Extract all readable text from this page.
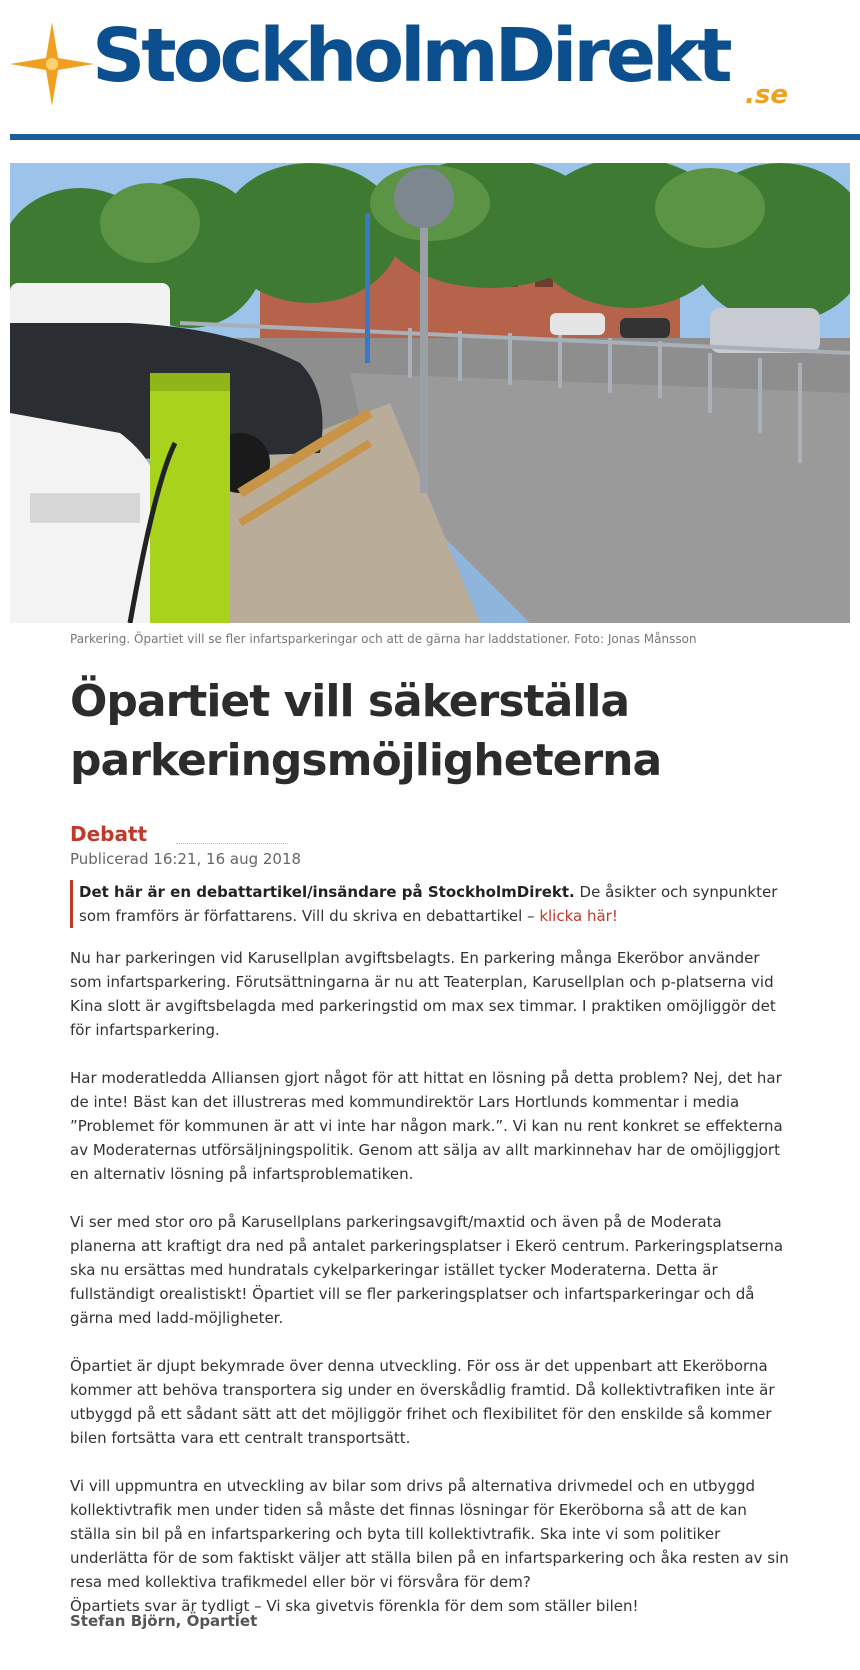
StockholmDirekt .se
Parkering. Öpartiet vill se fler infartsparkeringar och att de gärna har laddstationer. Foto: Jonas Månsson
Öpartiet vill säkerställa parkeringsmöjligheterna
Debatt
Publicerad 16:21, 16 aug 2018
Det här är en debattartikel/insändare på StockholmDirekt. De åsikter och synpunkter som framförs är författarens. Vill du skriva en debattartikel – klicka här!

Nu har parkeringen vid Karusellplan avgiftsbelagts. En parkering många Ekeröbor använder som infartsparkering. Förutsättningarna är nu att Teaterplan, Karusellplan och p-platserna vid Kina slott är avgiftsbelagda med parkeringstid om max sex timmar. I praktiken omöjliggör det för infartsparkering.

Har moderatledda Alliansen gjort något för att hittat en lösning på detta problem? Nej, det har de inte! Bäst kan det illustreras med kommundirektör Lars Hortlunds kommentar i media ”Problemet för kommunen är att vi inte har någon mark.”. Vi kan nu rent konkret se effekterna av Moderaternas utförsäljningspolitik. Genom att sälja av allt markinnehav har de omöjliggjort en alternativ lösning på infartsproblematiken.

Vi ser med stor oro på Karusellplans parkeringsavgift/maxtid och även på de Moderata planerna att kraftigt dra ned på antalet parkeringsplatser i Ekerö centrum. Parkeringsplatserna ska nu ersättas med hundratals cykelparkeringar istället tycker Moderaterna. Detta är fullständigt orealistiskt! Öpartiet vill se fler parkeringsplatser och infartsparkeringar och då gärna med ladd-möjligheter.

Öpartiet är djupt bekymrade över denna utveckling. För oss är det uppenbart att Ekeröborna kommer att behöva transportera sig under en överskådlig framtid. Då kollektivtrafiken inte är utbyggd på ett sådant sätt att det möjliggör frihet och flexibilitet för den enskilde så kommer bilen fortsätta vara ett centralt transportsätt.

Vi vill uppmuntra en utveckling av bilar som drivs på alternativa drivmedel och en utbyggd kollektivtrafik men under tiden så måste det finnas lösningar för Ekeröborna så att de kan ställa sin bil på en infartsparkering och byta till kollektivtrafik. Ska inte vi som politiker underlätta för de som faktiskt väljer att ställa bilen på en infartsparkering och åka resten av sin resa med kollektiva trafikmedel eller bör vi försvåra för dem?

Öpartiets svar är tydligt – Vi ska givetvis förenkla för dem som ställer bilen!

Stefan Björn, Öpartiet
